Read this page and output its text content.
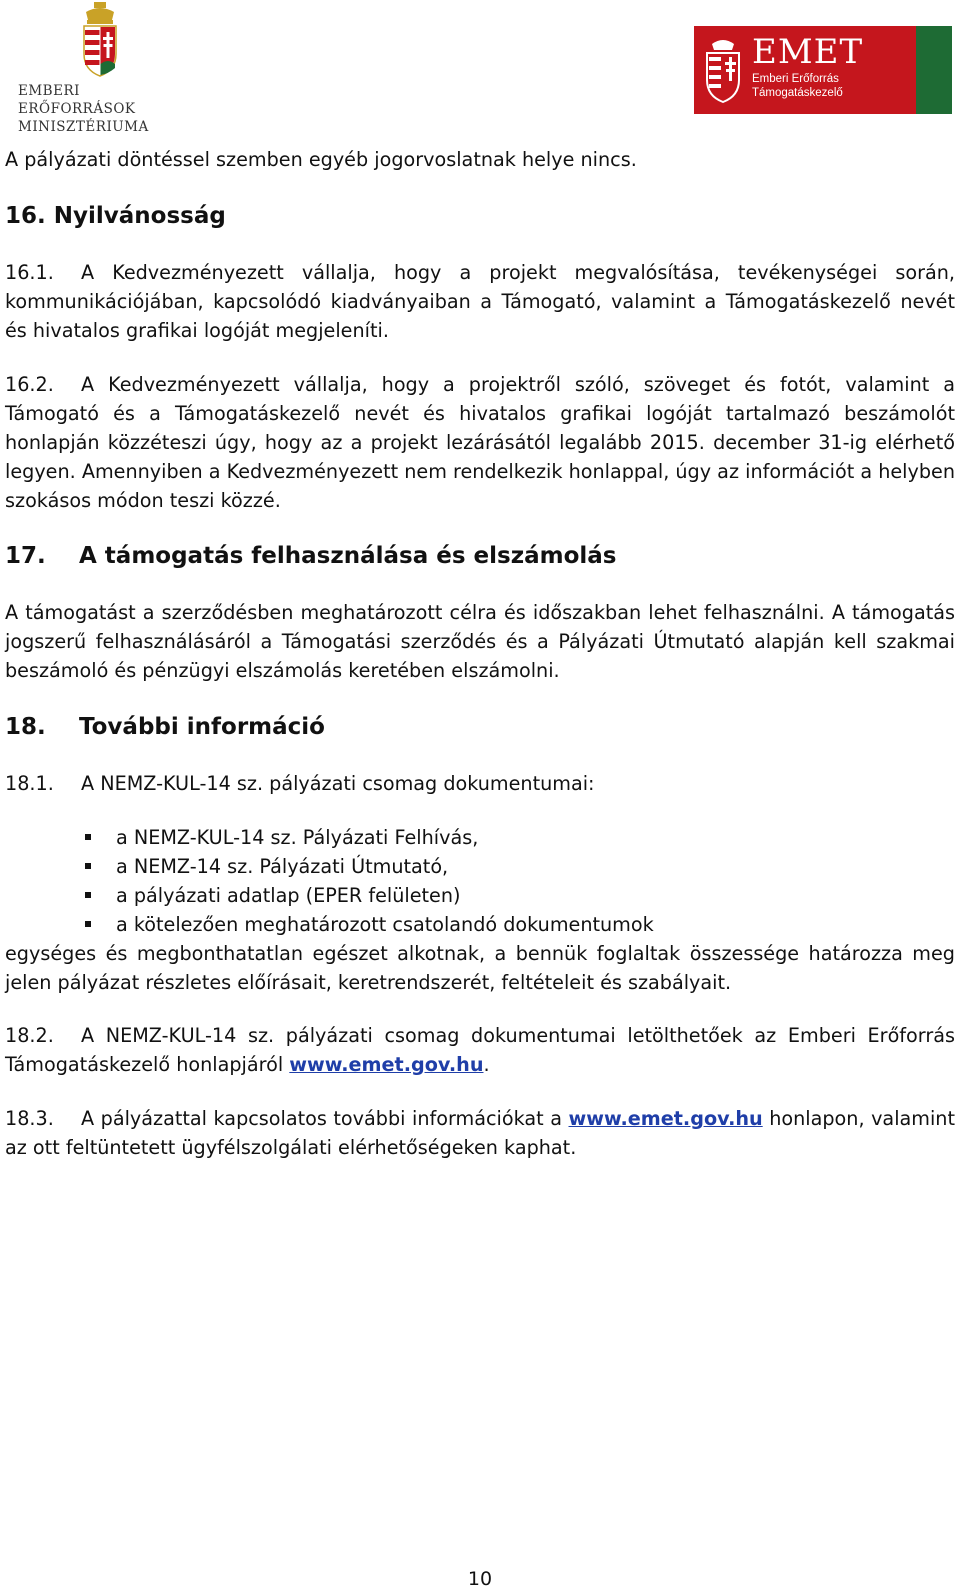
EMBERI ERŐFORRÁSOK MINISZTÉRIUMA
EMET
Emberi Erőforrás Támogatáskezelő
A pályázati döntéssel szemben egyéb jogorvoslatnak helye nincs.
16. Nyilvánosság
16.1. A Kedvezményezett vállalja, hogy a projekt megvalósítása, tevékenységei során, kommunikációjában, kapcsolódó kiadványaiban a Támogató, valamint a Támogatáskezelő nevét és hivatalos grafikai logóját megjeleníti.
16.2. A Kedvezményezett vállalja, hogy a projektről szóló, szöveget és fotót, valamint a Támogató és a Támogatáskezelő nevét és hivatalos grafikai logóját tartalmazó beszámolót honlapján közzéteszi úgy, hogy az a projekt lezárásától legalább 2015. december 31-ig elérhető legyen. Amennyiben a Kedvezményezett nem rendelkezik honlappal, úgy az információt a helyben szokásos módon teszi közzé.
17. A támogatás felhasználása és elszámolás
A támogatást a szerződésben meghatározott célra és időszakban lehet felhasználni. A támogatás jogszerű felhasználásáról a Támogatási szerződés és a Pályázati Útmutató alapján kell szakmai beszámoló és pénzügyi elszámolás keretében elszámolni.
18. További információ
18.1. A NEMZ-KUL-14 sz. pályázati csomag dokumentumai:
a NEMZ-KUL-14 sz. Pályázati Felhívás,
a NEMZ-14 sz. Pályázati Útmutató,
a pályázati adatlap (EPER felületen)
a kötelezően meghatározott csatolandó dokumentumok
egységes és megbonthatatlan egészet alkotnak, a bennük foglaltak összessége határozza meg jelen pályázat részletes előírásait, keretrendszerét, feltételeit és szabályait.
18.2. A NEMZ-KUL-14 sz. pályázati csomag dokumentumai letölthetőek az Emberi Erőforrás Támogatáskezelő honlapjáról www.emet.gov.hu.
18.3. A pályázattal kapcsolatos további információkat a www.emet.gov.hu honlapon, valamint az ott feltüntetett ügyfélszolgálati elérhetőségeken kaphat.
10
